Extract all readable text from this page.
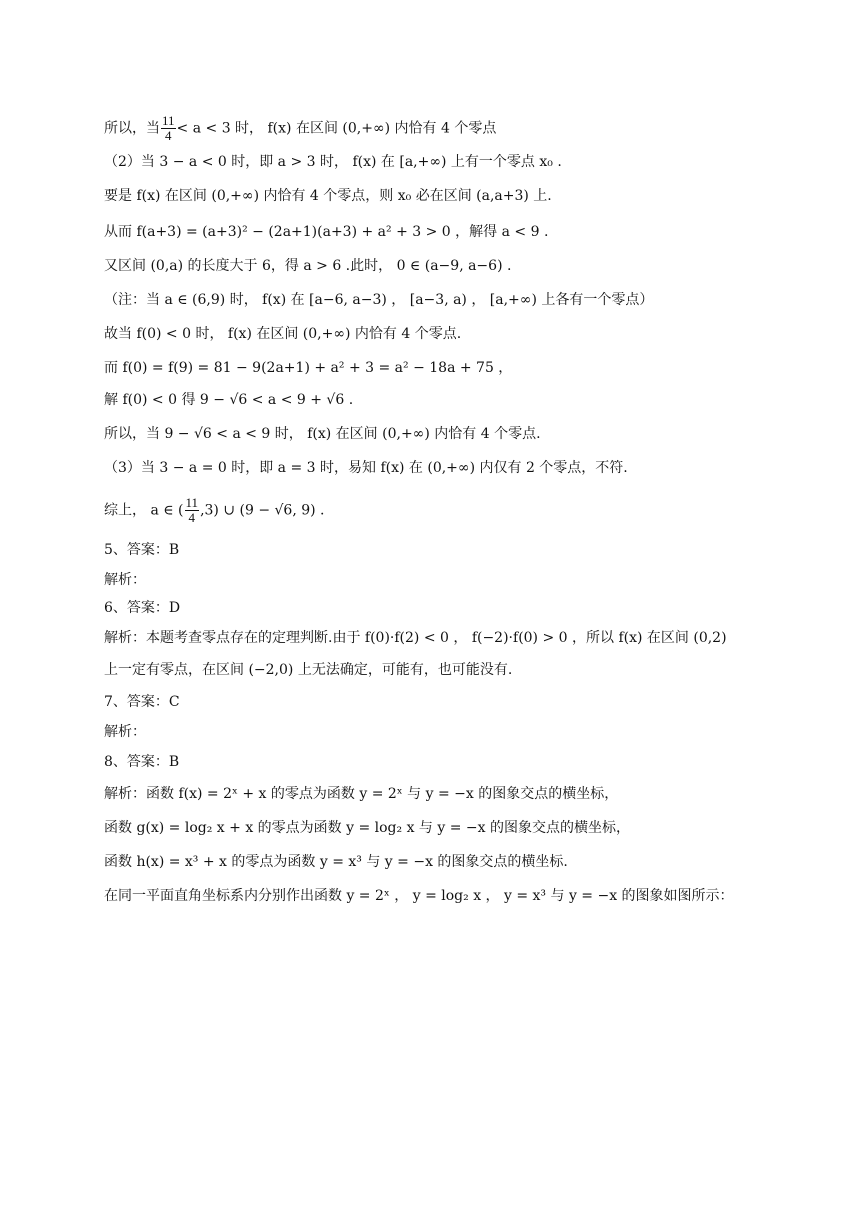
所以，当 $\frac{11}{4} < a < 3$ 时， f(x) 在区间 (0,+∞) 内恰有 4 个零点
（2）当 3 − a < 0 时，即 a > 3 时， f(x) 在 [a,+∞) 上有一个零点 x₀ .
要是 f(x) 在区间 (0,+∞) 内恰有 4 个零点，则 x₀ 必在区间 (a,a+3) 上.
从而 f(a+3) = (a+3)² − (2a+1)(a+3) + a² + 3 > 0 ，解得 a < 9 .
又区间 (0,a) 的长度大于 6，得 a > 6 .此时， 0 ∈ (a−9, a−6) .
（注：当 a ∈ (6,9) 时， f(x) 在 [a−6, a−3) ， [a−3, a) ， [a,+∞) 上各有一个零点）
故当 f(0) < 0 时， f(x) 在区间 (0,+∞) 内恰有 4 个零点.
而 f(0) = f(9) = 81 − 9(2a+1) + a² + 3 = a² − 18a + 75 ，
解 f(0) < 0 得 9 − √6 < a < 9 + √6 .
所以，当 9 − √6 < a < 9 时， f(x) 在区间 (0,+∞) 内恰有 4 个零点.
（3）当 3 − a = 0 时，即 a = 3 时，易知 f(x) 在 (0,+∞) 内仅有 2 个零点，不符.
综上， a ∈ ( $\frac{11}{4} ,3$) ∪ (9 − √6, 9) .
5、答案：B
解析：
6、答案：D
解析：本题考查零点存在的定理判断.由于 f(0)·f(2) < 0 ， f(−2)·f(0) > 0 ，所以 f(x) 在区间 (0,2)
上一定有零点，在区间 (−2,0) 上无法确定，可能有，也可能没有.
7、答案：C
解析：
8、答案：B
解析：函数 f(x) = 2ˣ + x 的零点为函数 y = 2ˣ 与 y = −x 的图象交点的横坐标，
函数 g(x) = log₂ x + x 的零点为函数 y = log₂ x 与 y = −x 的图象交点的横坐标，
函数 h(x) = x³ + x 的零点为函数 y = x³ 与 y = −x 的图象交点的横坐标.
在同一平面直角坐标系内分别作出函数 y = 2ˣ ， y = log₂ x ， y = x³ 与 y = −x 的图象如图所示：
